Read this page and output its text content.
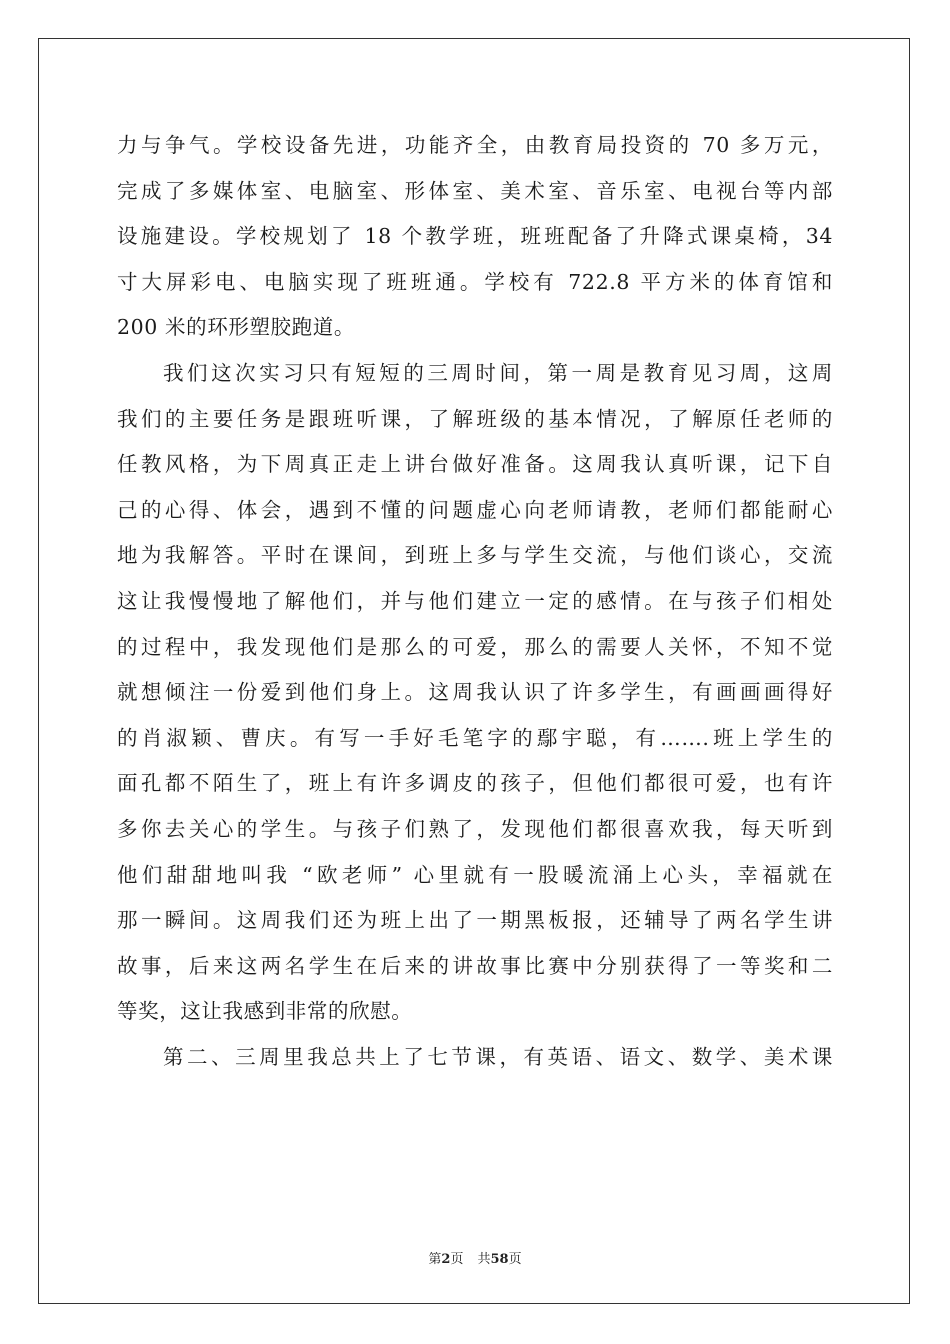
力与争气。学校设备先进，功能齐全，由教育局投资的 70 多万元，
完成了多媒体室、电脑室、形体室、美术室、音乐室、电视台等内部
设施建设。学校规划了 18 个教学班，班班配备了升降式课桌椅，34
寸大屏彩电、电脑实现了班班通。学校有 722.8 平方米的体育馆和
200 米的环形塑胶跑道。

我们这次实习只有短短的三周时间，第一周是教育见习周，这周
我们的主要任务是跟班听课，了解班级的基本情况，了解原任老师的
任教风格，为下周真正走上讲台做好准备。这周我认真听课，记下自
己的心得、体会，遇到不懂的问题虚心向老师请教，老师们都能耐心
地为我解答。平时在课间，到班上多与学生交流，与他们谈心，交流
这让我慢慢地了解他们，并与他们建立一定的感情。在与孩子们相处
的过程中，我发现他们是那么的可爱，那么的需要人关怀，不知不觉
就想倾注一份爱到他们身上。这周我认识了许多学生，有画画画得好
的肖淑颖、曹庆。有写一手好毛笔字的鄢宇聪，有…….班上学生的
面孔都不陌生了，班上有许多调皮的孩子，但他们都很可爱，也有许
多你去关心的学生。与孩子们熟了，发现他们都很喜欢我，每天听到
他们甜甜地叫我 “欧老师” 心里就有一股暖流涌上心头，幸福就在
那一瞬间。这周我们还为班上出了一期黑板报，还辅导了两名学生讲
故事，后来这两名学生在后来的讲故事比赛中分别获得了一等奖和二
等奖，这让我感到非常的欣慰。

第二、三周里我总共上了七节课，有英语、语文、数学、美术课

第2页 共58页
